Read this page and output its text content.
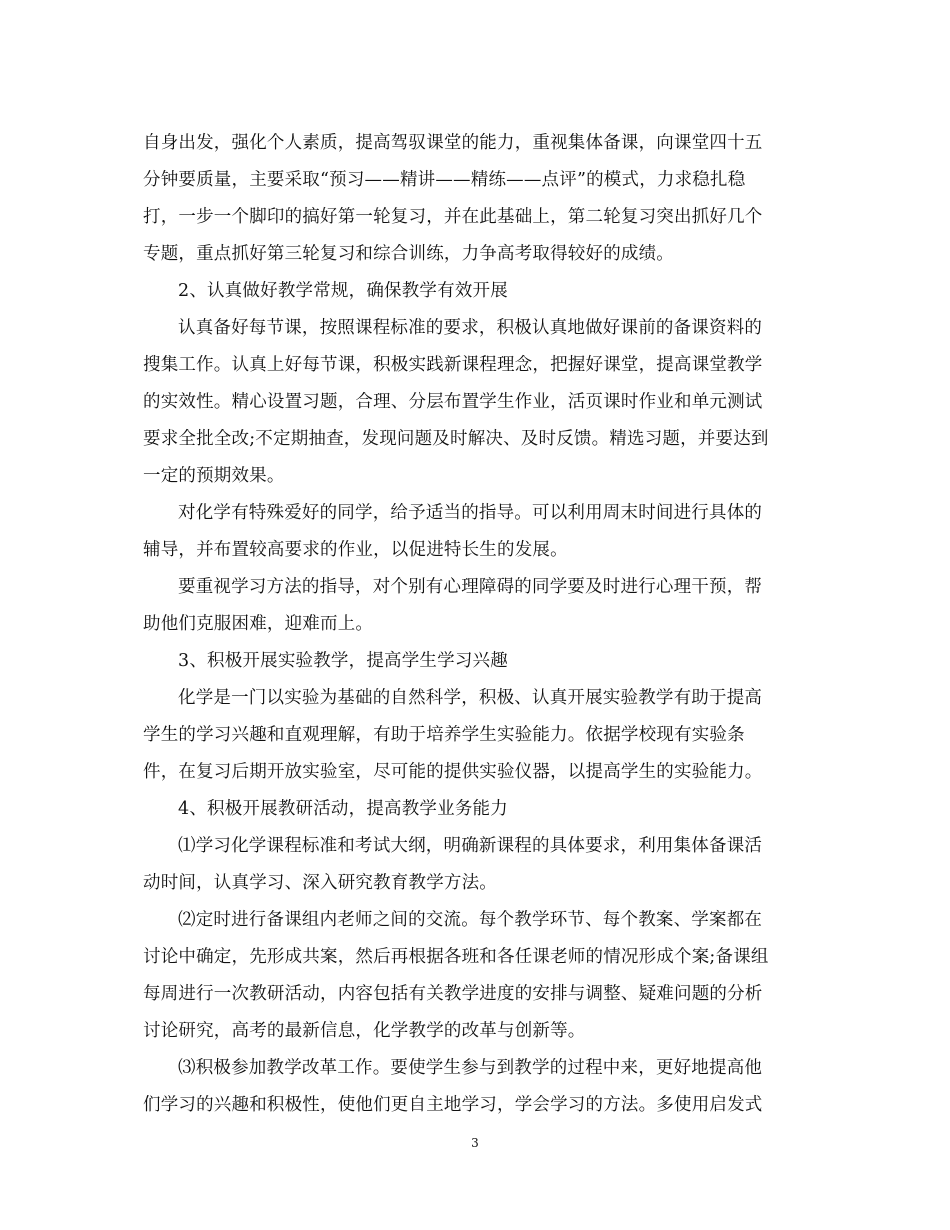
自身出发，强化个人素质，提高驾驭课堂的能力，重视集体备课，向课堂四十五
分钟要质量，主要采取“预习——精讲——精练——点评”的模式，力求稳扎稳
打，一步一个脚印的搞好第一轮复习，并在此基础上，第二轮复习突出抓好几个
专题，重点抓好第三轮复习和综合训练，力争高考取得较好的成绩。
2、认真做好教学常规，确保教学有效开展
认真备好每节课，按照课程标准的要求，积极认真地做好课前的备课资料的
搜集工作。认真上好每节课，积极实践新课程理念，把握好课堂，提高课堂教学
的实效性。精心设置习题，合理、分层布置学生作业，活页课时作业和单元测试
要求全批全改;不定期抽查，发现问题及时解决、及时反馈。精选习题，并要达到
一定的预期效果。
对化学有特殊爱好的同学，给予适当的指导。可以利用周末时间进行具体的
辅导，并布置较高要求的作业，以促进特长生的发展。
要重视学习方法的指导，对个别有心理障碍的同学要及时进行心理干预，帮
助他们克服困难，迎难而上。
3、积极开展实验教学，提高学生学习兴趣
化学是一门以实验为基础的自然科学，积极、认真开展实验教学有助于提高
学生的学习兴趣和直观理解，有助于培养学生实验能力。依据学校现有实验条
件，在复习后期开放实验室，尽可能的提供实验仪器，以提高学生的实验能力。
4、积极开展教研活动，提高教学业务能力
⑴学习化学课程标准和考试大纲，明确新课程的具体要求，利用集体备课活
动时间，认真学习、深入研究教育教学方法。
⑵定时进行备课组内老师之间的交流。每个教学环节、每个教案、学案都在
讨论中确定，先形成共案，然后再根据各班和各任课老师的情况形成个案;备课组
每周进行一次教研活动，内容包括有关教学进度的安排与调整、疑难问题的分析
讨论研究，高考的最新信息，化学教学的改革与创新等。
⑶积极参加教学改革工作。要使学生参与到教学的过程中来，更好地提高他
们学习的兴趣和积极性，使他们更自主地学习，学会学习的方法。多使用启发式
3
